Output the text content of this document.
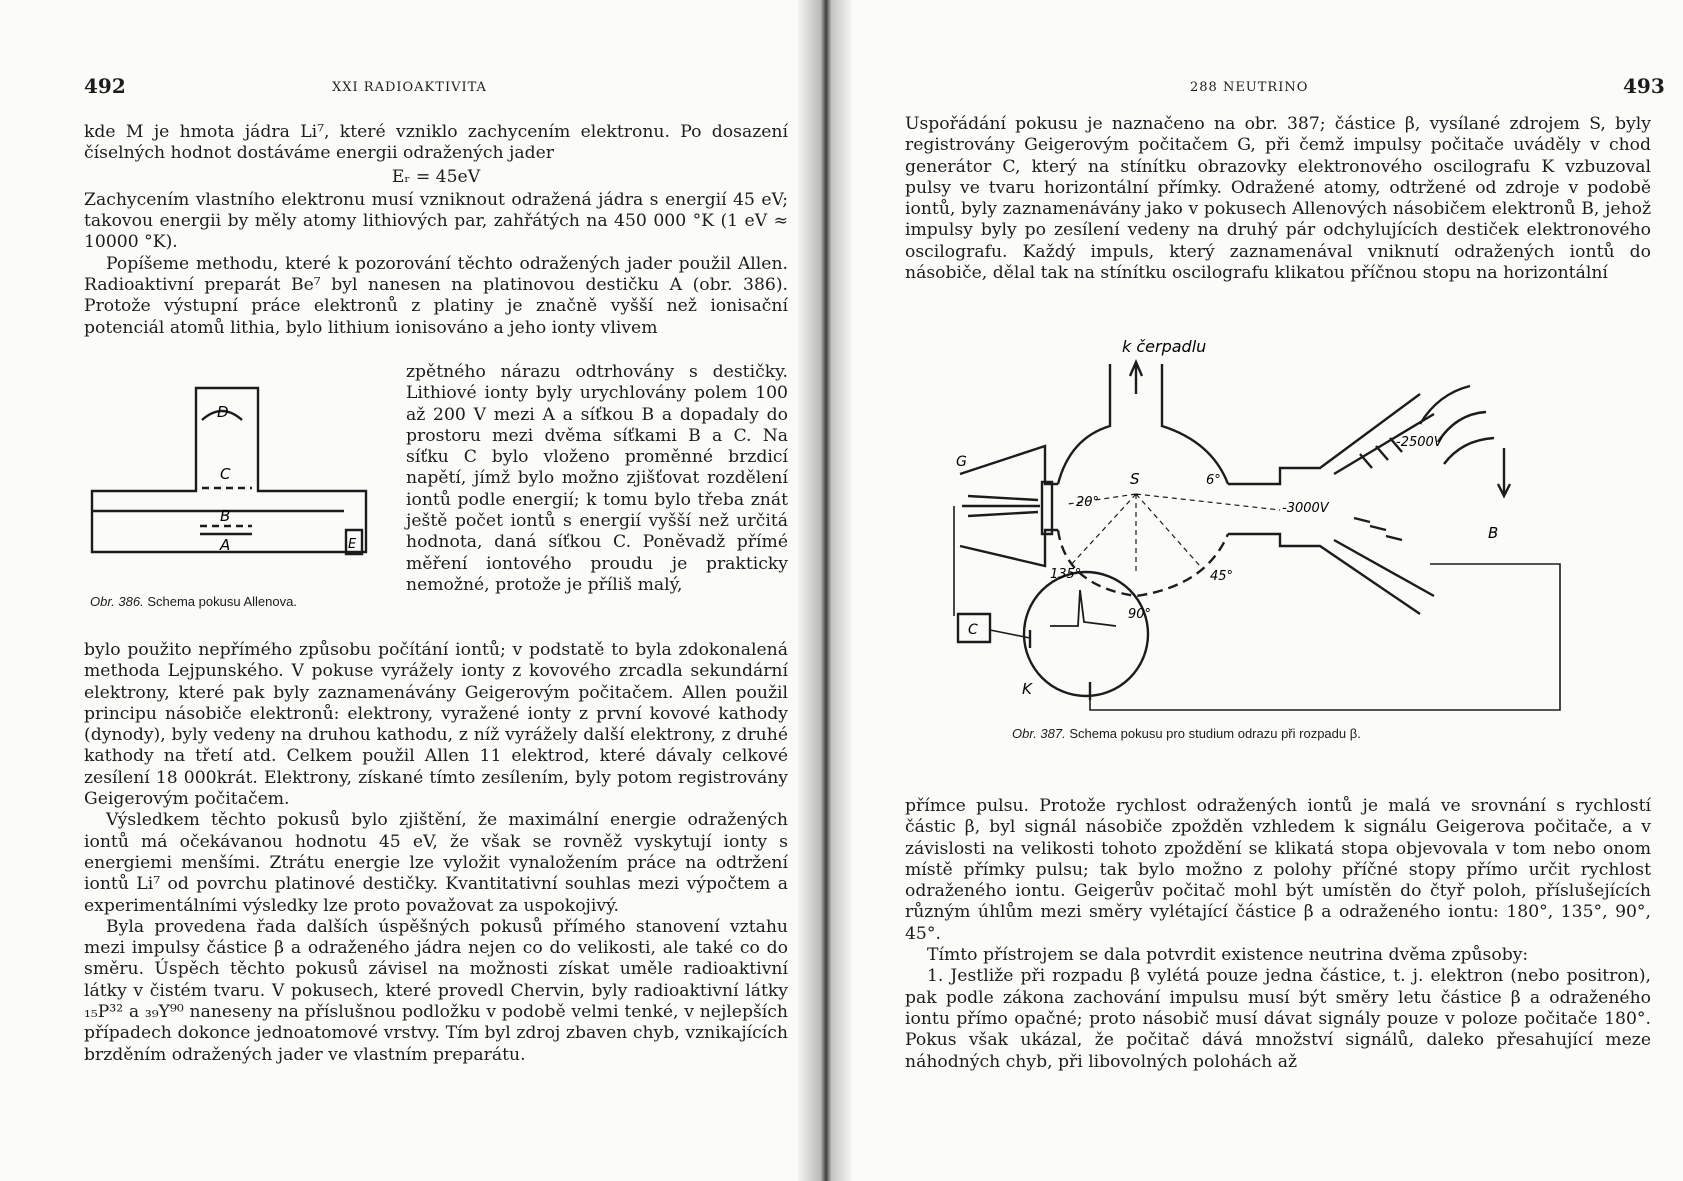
492	XXI RADIOAKTIVITA

kde M je hmota jádra Li⁷, které vzniklo zachycením elektronu. Po dosazení číselných hodnot dostáváme energii odražených jader

Eᵣ = 45eV

Zachycením vlastního elektronu musí vzniknout odražená jádra s energií 45 eV; takovou energii by měly atomy lithiových par, zahřátých na 450 000 °K (1 eV ≈ 10000 °K).

Popíšeme methodu, které k pozorování těchto odražených jader použil Allen. Radioaktivní preparát Be⁷ byl nanesen na platinovou destičku A (obr. 386). Protože výstupní práce elektronů z platiny je značně vyšší než ionisační potenciál atomů lithia, bylo lithium ionisováno a jeho ionty vlivem

D
C
B
A	E
Obr. 386. Schema pokusu Allenova.

zpětného nárazu odtrhovány s destičky. Lithiové ionty byly urychlovány polem 100 až 200 V mezi A a síťkou B a dopadaly do prostoru mezi dvěma síťkami B a C. Na síťku C bylo vloženo proměnné brzdicí napětí, jímž bylo možno zjišťovat rozdělení iontů podle energií; k tomu bylo třeba znát ještě počet iontů s energií vyšší než určitá hodnota, daná síťkou C. Poněvadž přímé měření iontového proudu je prakticky nemožné, protože je příliš malý,

bylo použito nepřímého způsobu počítání iontů; v podstatě to byla zdokonalená methoda Lejpunského. V pokuse vyrážely ionty z kovového zrcadla sekundární elektrony, které pak byly zaznamenávány Geigerovým počitačem. Allen použil principu násobiče elektronů: elektrony, vyražené ionty z první kovové kathody (dynody), byly vedeny na druhou kathodu, z níž vyrážely další elektrony, z druhé kathody na třetí atd. Celkem použil Allen 11 elektrod, které dávaly celkové zesílení 18 000krát. Elektrony, získané tímto zesílením, byly potom registrovány Geigerovým počitačem.

Výsledkem těchto pokusů bylo zjištění, že maximální energie odražených iontů má očekávanou hodnotu 45 eV, že však se rovněž vyskytují ionty s energiemi menšími. Ztrátu energie lze vyložit vynaložením práce na odtržení iontů Li⁷ od povrchu platinové destičky. Kvantitativní souhlas mezi výpočtem a experimentálními výsledky lze proto považovat za uspokojivý.

Byla provedena řada dalších úspěšných pokusů přímého stanovení vztahu mezi impulsy částice β a odraženého jádra nejen co do velikosti, ale také co do směru. Úspěch těchto pokusů závisel na možnosti získat uměle radioaktivní látky v čistém tvaru. V pokusech, které provedl Chervin, byly radioaktivní látky ₁₅P³² a ₃₉Y⁹⁰ naneseny na příslušnou podložku v podobě velmi tenké, v nejlepších případech dokonce jednoatomové vrstvy. Tím byl zdroj zbaven chyb, vznikajících brzděním odražených jader ve vlastním preparátu.

288 NEUTRINO	493

Uspořádání pokusu je naznačeno na obr. 387; částice β, vysílané zdrojem S, byly registrovány Geigerovým počitačem G, při čemž impulsy počitače uváděly v chod generátor C, který na stínítku obrazovky elektronového oscilografu K vzbuzoval pulsy ve tvaru horizontální přímky. Odražené atomy, odtržené od zdroje v podobě iontů, byly zaznamenávány jako v pokusech Allenových násobičem elektronů B, jehož impulsy byly po zesílení vedeny na druhý pár odchylujících destiček elektronového oscilografu. Každý impuls, který zaznamenával vniknutí odražených iontů do násobiče, dělal tak na stínítku oscilografu klikatou příčnou stopu na horizontální

k čerpadlu
G
S
20°
6°
135°
90°
45°
-2500V
-3000V
C
K
B
Obr. 387. Schema pokusu pro studium odrazu při rozpadu β.

přímce pulsu. Protože rychlost odražených iontů je malá ve srovnání s rychlostí částic β, byl signál násobiče zpožděn vzhledem k signálu Geigerova počitače, a v závislosti na velikosti tohoto zpoždění se klikatá stopa objevovala v tom nebo onom místě přímky pulsu; tak bylo možno z polohy příčné stopy přímo určit rychlost odraženého iontu. Geigerův počitač mohl být umístěn do čtyř poloh, příslušejících různým úhlům mezi směry vylétající částice β a odraženého iontu: 180°, 135°, 90°, 45°.

Tímto přístrojem se dala potvrdit existence neutrina dvěma způsoby:

1. Jestliže při rozpadu β vylétá pouze jedna částice, t. j. elektron (nebo positron), pak podle zákona zachování impulsu musí být směry letu částice β a odraženého iontu přímo opačné; proto násobič musí dávat signály pouze v poloze počitače 180°. Pokus však ukázal, že počitač dává množství signálů, daleko přesahující meze náhodných chyb, při libovolných polohách až
